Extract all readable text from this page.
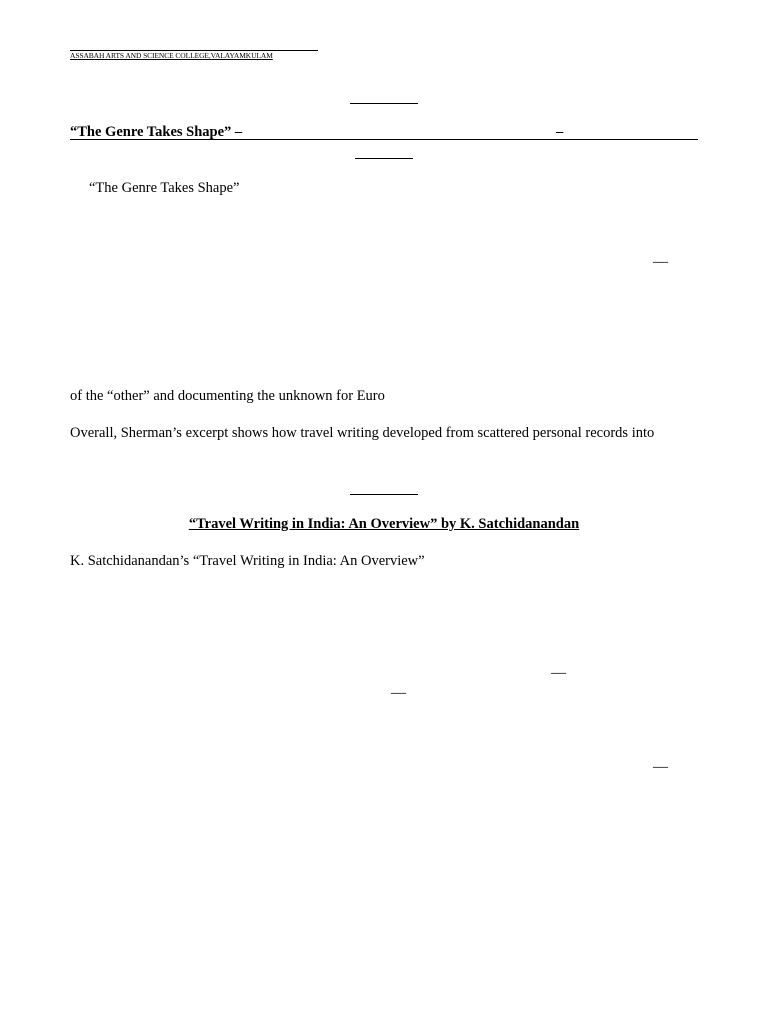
ASSABAH ARTS AND SCIENCE COLLEGE,VALAYAMKULAM
“The Genre Takes Shape” –	–
“The Genre Takes Shape”
—
of the “other” and documenting the unknown for Euro
Overall, Sherman’s excerpt shows how travel writing developed from scattered personal records into
“Travel Writing in India: An Overview” by K. Satchidanandan
K. Satchidanandan’s “Travel Writing in India: An Overview”
—
—
—
